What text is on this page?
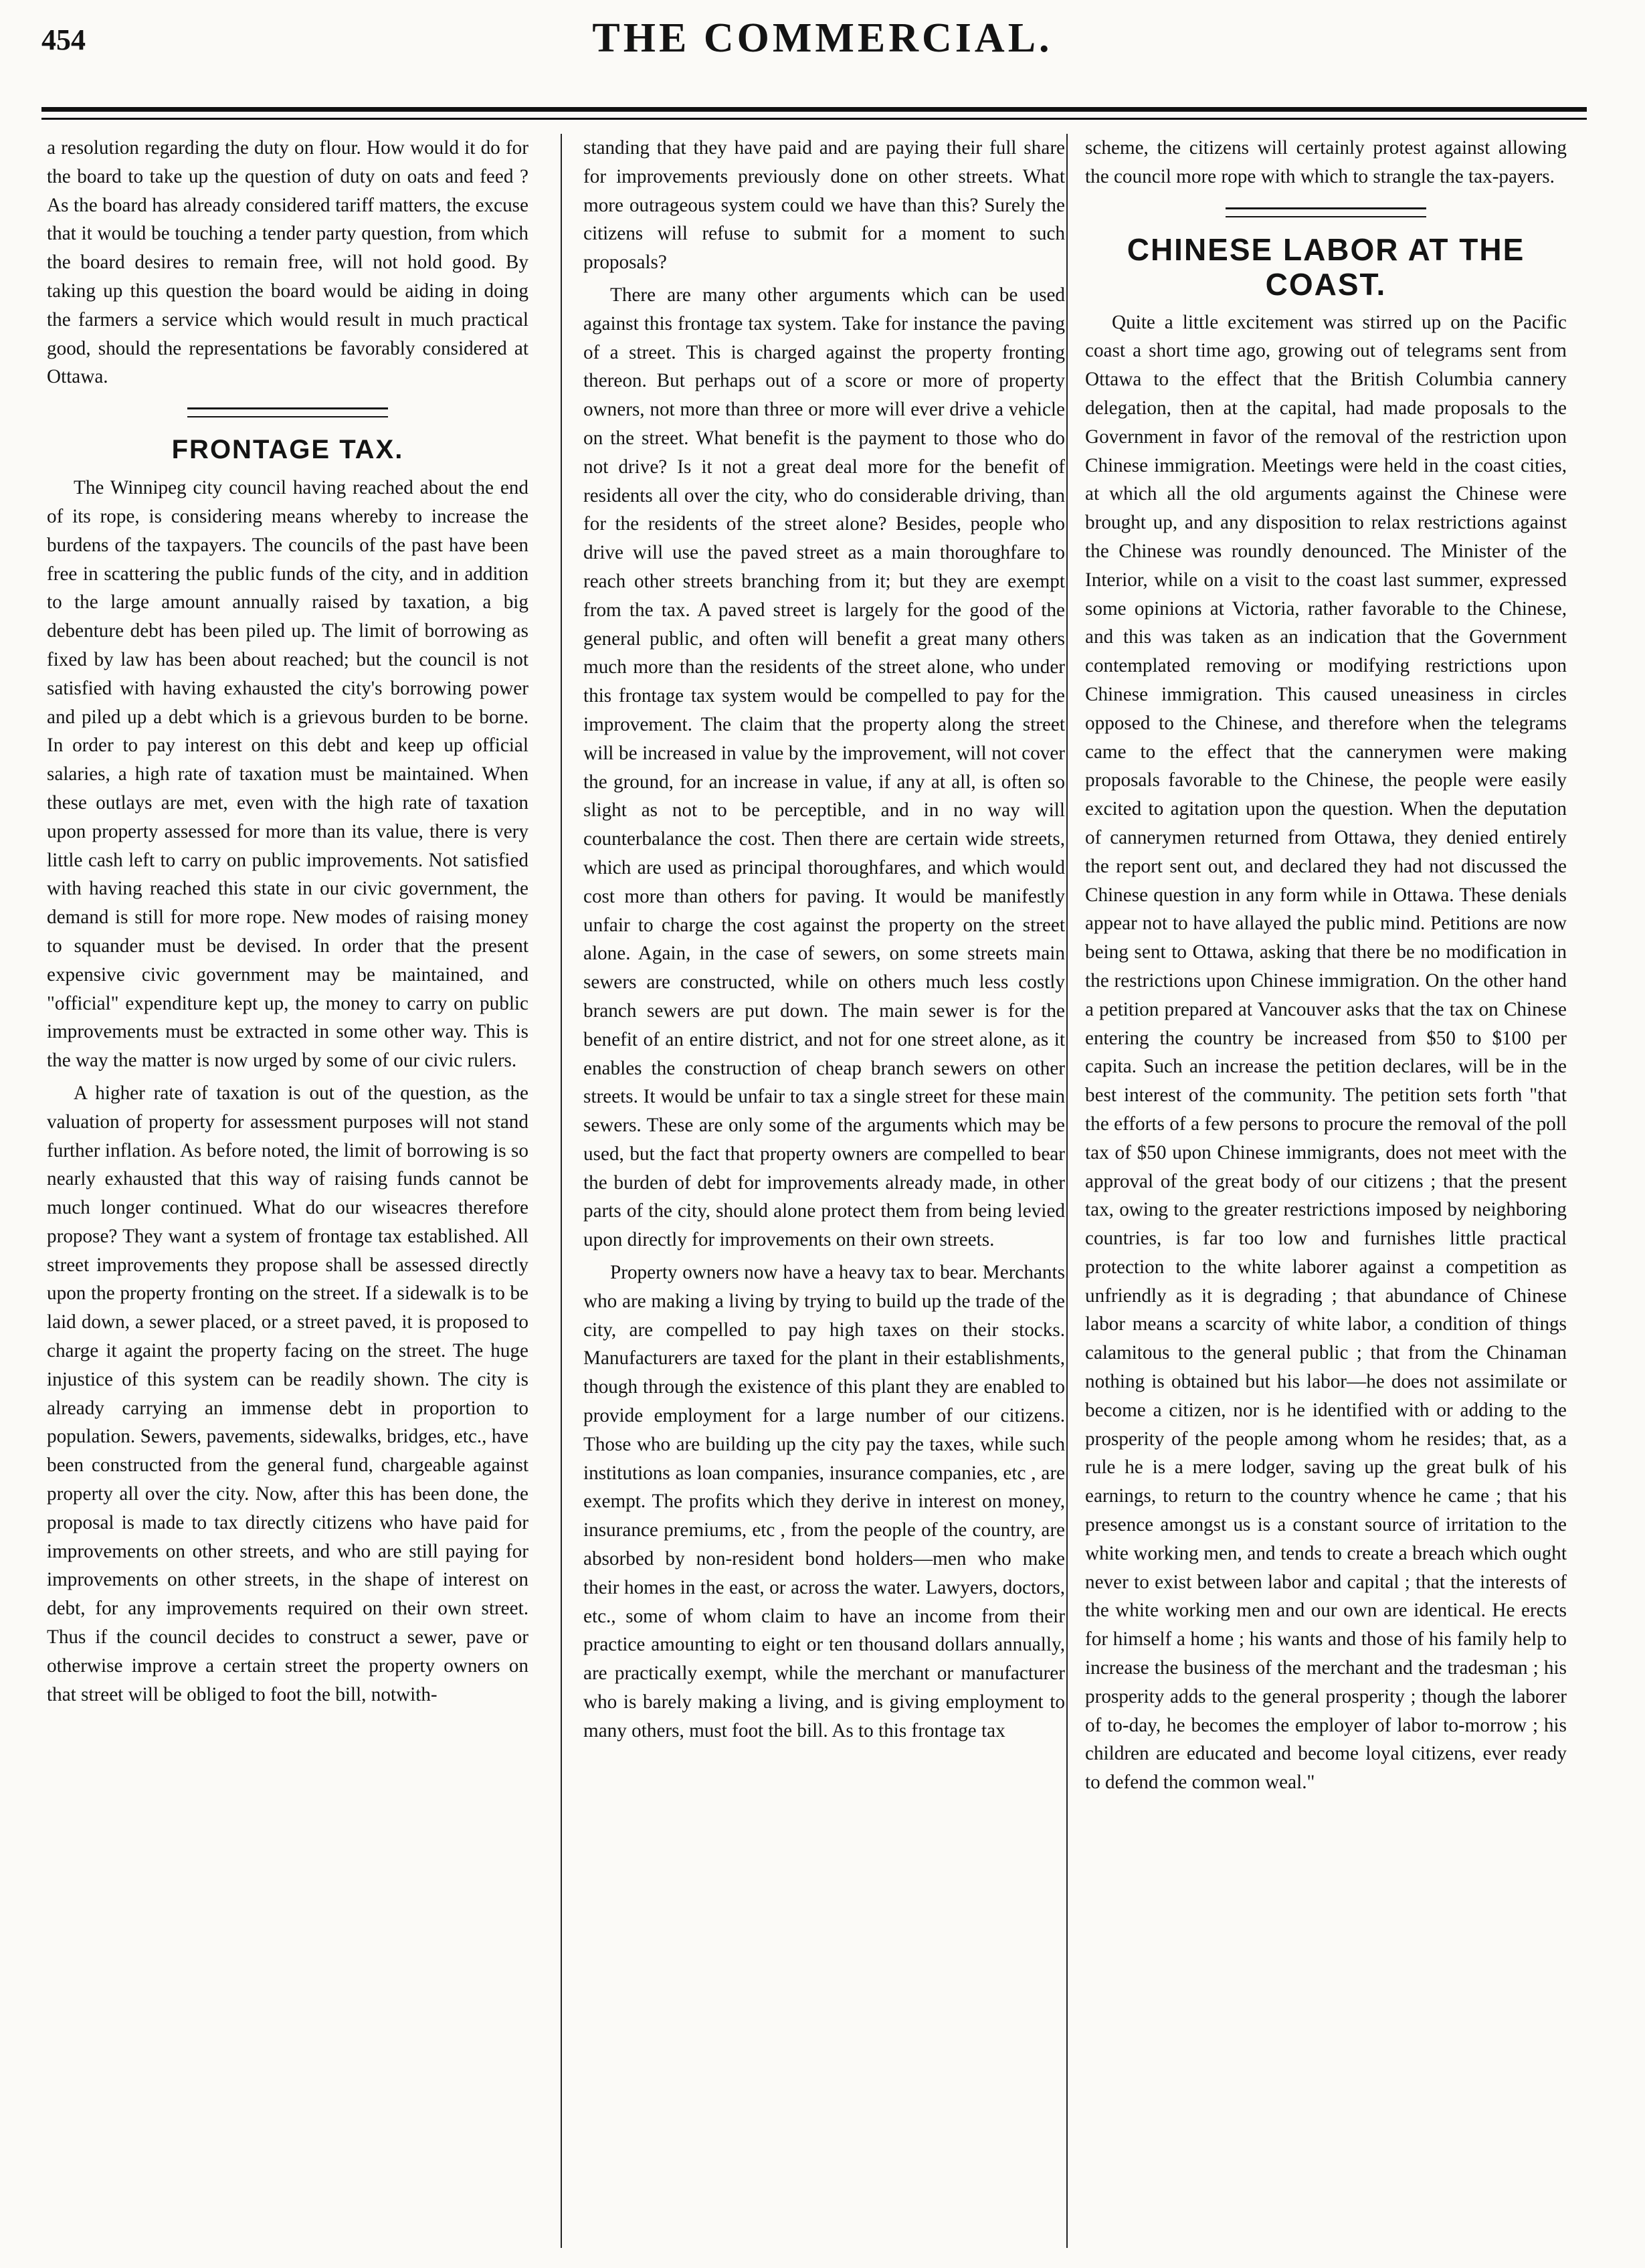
454	THE COMMERCIAL.

a resolution regarding the duty on flour. How would it do for the board to take up the question of duty on oats and feed ? As the board has already considered tariff matters, the excuse that it would be touching a tender party question, from which the board desires to remain free, will not hold good. By taking up this question the board would be aiding in doing the farmers a service which would result in much practical good, should the representations be favorably considered at Ottawa.

FRONTAGE TAX.

The Winnipeg city council having reached about the end of its rope, is considering means whereby to increase the burdens of the taxpayers. The councils of the past have been free in scattering the public funds of the city, and in addition to the large amount annually raised by taxation, a big debenture debt has been piled up. The limit of borrowing as fixed by law has been about reached; but the council is not satisfied with having exhausted the city's borrowing power and piled up a debt which is a grievous burden to be borne. In order to pay interest on this debt and keep up official salaries, a high rate of taxation must be maintained. When these outlays are met, even with the high rate of taxation upon property assessed for more than its value, there is very little cash left to carry on public improvements. Not satisfied with having reached this state in our civic government, the demand is still for more rope. New modes of raising money to squander must be devised. In order that the present expensive civic government may be maintained, and "official" expenditure kept up, the money to carry on public improvements must be extracted in some other way. This is the way the matter is now urged by some of our civic rulers.

A higher rate of taxation is out of the question, as the valuation of property for assessment purposes will not stand further inflation. As before noted, the limit of borrowing is so nearly exhausted that this way of raising funds cannot be much longer continued. What do our wiseacres therefore propose? They want a system of frontage tax established. All street improvements they propose shall be assessed directly upon the property fronting on the street. If a sidewalk is to be laid down, a sewer placed, or a street paved, it is proposed to charge it againt the property facing on the street. The huge injustice of this system can be readily shown. The city is already carrying an immense debt in proportion to population. Sewers, pavements, sidewalks, bridges, etc., have been constructed from the general fund, chargeable against property all over the city. Now, after this has been done, the proposal is made to tax directly citizens who have paid for improvements on other streets, and who are still paying for improvements on other streets, in the shape of interest on debt, for any improvements required on their own street. Thus if the council decides to construct a sewer, pave or otherwise improve a certain street the property owners on that street will be obliged to foot the bill, notwith-

standing that they have paid and are paying their full share for improvements previously done on other streets. What more outrageous system could we have than this? Surely the citizens will refuse to submit for a moment to such proposals?

There are many other arguments which can be used against this frontage tax system. Take for instance the paving of a street. This is charged against the property fronting thereon. But perhaps out of a score or more of property owners, not more than three or more will ever drive a vehicle on the street. What benefit is the payment to those who do not drive? Is it not a great deal more for the benefit of residents all over the city, who do considerable driving, than for the residents of the street alone? Besides, people who drive will use the paved street as a main thoroughfare to reach other streets branching from it; but they are exempt from the tax. A paved street is largely for the good of the general public, and often will benefit a great many others much more than the residents of the street alone, who under this frontage tax system would be compelled to pay for the improvement. The claim that the property along the street will be increased in value by the improvement, will not cover the ground, for an increase in value, if any at all, is often so slight as not to be perceptible, and in no way will counterbalance the cost. Then there are certain wide streets, which are used as principal thoroughfares, and which would cost more than others for paving. It would be manifestly unfair to charge the cost against the property on the street alone. Again, in the case of sewers, on some streets main sewers are constructed, while on others much less costly branch sewers are put down. The main sewer is for the benefit of an entire district, and not for one street alone, as it enables the construction of cheap branch sewers on other streets. It would be unfair to tax a single street for these main sewers. These are only some of the arguments which may be used, but the fact that property owners are compelled to bear the burden of debt for improvements already made, in other parts of the city, should alone protect them from being levied upon directly for improvements on their own streets.

Property owners now have a heavy tax to bear. Merchants who are making a living by trying to build up the trade of the city, are compelled to pay high taxes on their stocks. Manufacturers are taxed for the plant in their establishments, though through the existence of this plant they are enabled to provide employment for a large number of our citizens. Those who are building up the city pay the taxes, while such institutions as loan companies, insurance companies, etc , are exempt. The profits which they derive in interest on money, insurance premiums, etc , from the people of the country, are absorbed by non-resident bond holders—men who make their homes in the east, or across the water. Lawyers, doctors, etc., some of whom claim to have an income from their practice amounting to eight or ten thousand dollars annually, are practically exempt, while the merchant or manufacturer who is barely making a living, and is giving employment to many others, must foot the bill. As to this frontage tax

scheme, the citizens will certainly protest against allowing the council more rope with which to strangle the tax-payers.

CHINESE LABOR AT THE COAST.

Quite a little excitement was stirred up on the Pacific coast a short time ago, growing out of telegrams sent from Ottawa to the effect that the British Columbia cannery delegation, then at the capital, had made proposals to the Government in favor of the removal of the restriction upon Chinese immigration. Meetings were held in the coast cities, at which all the old arguments against the Chinese were brought up, and any disposition to relax restrictions against the Chinese was roundly denounced. The Minister of the Interior, while on a visit to the coast last summer, expressed some opinions at Victoria, rather favorable to the Chinese, and this was taken as an indication that the Government contemplated removing or modifying restrictions upon Chinese immigration. This caused uneasiness in circles opposed to the Chinese, and therefore when the telegrams came to the effect that the cannerymen were making proposals favorable to the Chinese, the people were easily excited to agitation upon the question. When the deputation of cannerymen returned from Ottawa, they denied entirely the report sent out, and declared they had not discussed the Chinese question in any form while in Ottawa. These denials appear not to have allayed the public mind. Petitions are now being sent to Ottawa, asking that there be no modification in the restrictions upon Chinese immigration. On the other hand a petition prepared at Vancouver asks that the tax on Chinese entering the country be increased from $50 to $100 per capita. Such an increase the petition declares, will be in the best interest of the community. The petition sets forth "that the efforts of a few persons to procure the removal of the poll tax of $50 upon Chinese immigrants, does not meet with the approval of the great body of our citizens ; that the present tax, owing to the greater restrictions imposed by neighboring countries, is far too low and furnishes little practical protection to the white laborer against a competition as unfriendly as it is degrading ; that abundance of Chinese labor means a scarcity of white labor, a condition of things calamitous to the general public ; that from the Chinaman nothing is obtained but his labor—he does not assimilate or become a citizen, nor is he identified with or adding to the prosperity of the people among whom he resides; that, as a rule he is a mere lodger, saving up the great bulk of his earnings, to return to the country whence he came ; that his presence amongst us is a constant source of irritation to the white working men, and tends to create a breach which ought never to exist between labor and capital ; that the interests of the white working men and our own are identical. He erects for himself a home ; his wants and those of his family help to increase the business of the merchant and the tradesman ; his prosperity adds to the general prosperity ; though the laborer of to-day, he becomes the employer of labor to-morrow ; his children are educated and become loyal citizens, ever ready to defend the common weal."
